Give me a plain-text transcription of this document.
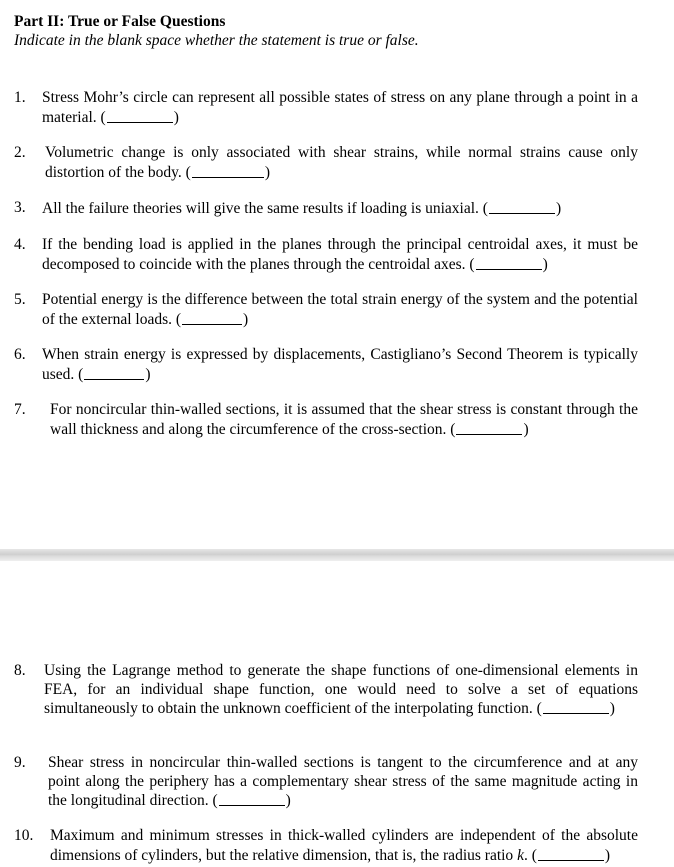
Part II: True or False Questions
Indicate in the blank space whether the statement is true or false.
1. Stress Mohr’s circle can represent all possible states of stress on any plane through a point in a material. (	)
2. Volumetric change is only associated with shear strains, while normal strains cause only distortion of the body. (	)
3. All the failure theories will give the same results if loading is uniaxial. (	)
4. If the bending load is applied in the planes through the principal centroidal axes, it must be decomposed to coincide with the planes through the centroidal axes. (	)
5. Potential energy is the difference between the total strain energy of the system and the potential of the external loads. (	)
6. When strain energy is expressed by displacements, Castigliano’s Second Theorem is typically used. (	)
7. For noncircular thin-walled sections, it is assumed that the shear stress is constant through the wall thickness and along the circumference of the cross-section. (	)
8. Using the Lagrange method to generate the shape functions of one-dimensional elements in FEA, for an individual shape function, one would need to solve a set of equations simultaneously to obtain the unknown coefficient of the interpolating function. (	)
9. Shear stress in noncircular thin-walled sections is tangent to the circumference and at any point along the periphery has a complementary shear stress of the same magnitude acting in the longitudinal direction. (	)
10. Maximum and minimum stresses in thick-walled cylinders are independent of the absolute dimensions of cylinders, but the relative dimension, that is, the radius ratio k. (	)
